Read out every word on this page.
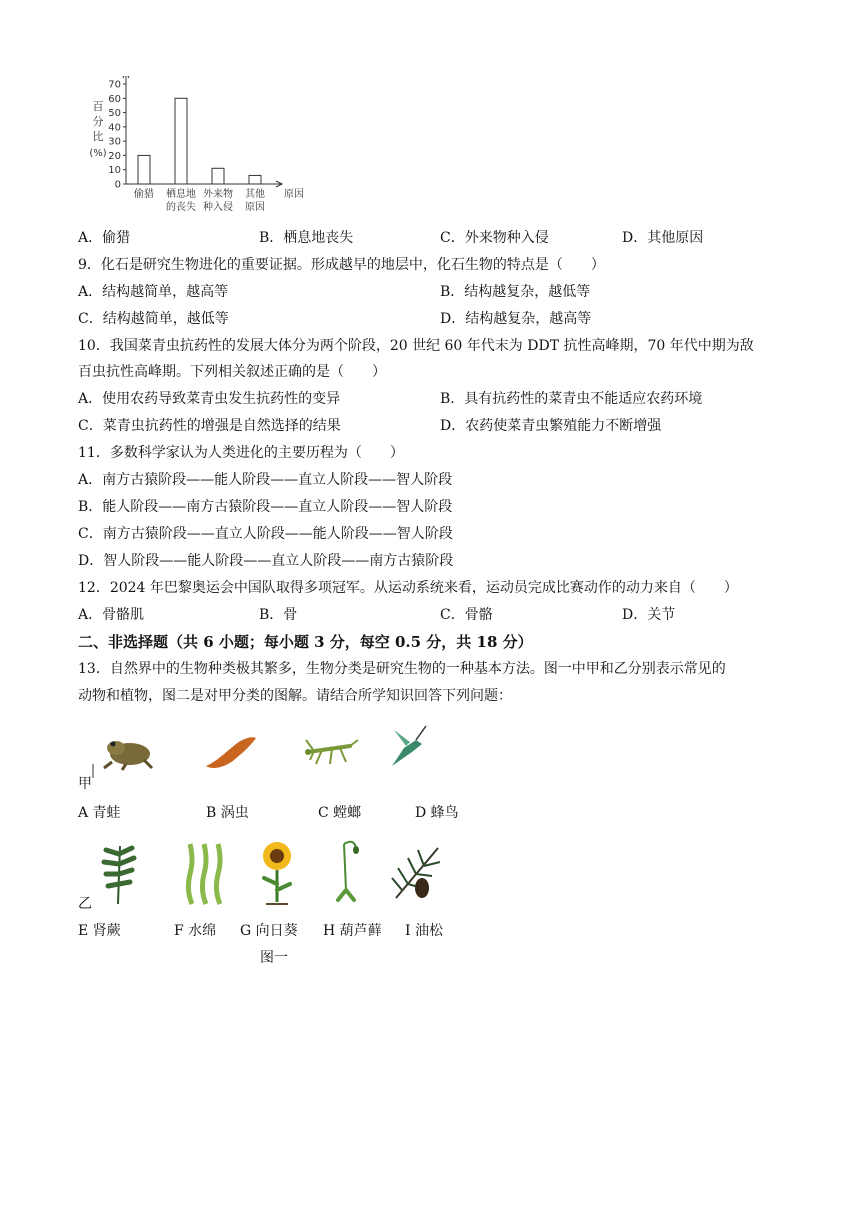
0
10
20
30
40
50
60
70
百
分
比
(%)
偷猎 栖息地
的丧失
外来物
种入侵
其他
原因
原因
A．偷猎	B．栖息地丧失	C．外来物种入侵	D．其他原因
9．化石是研究生物进化的重要证据。形成越早的地层中，化石生物的特点是（　　）
A．结构越简单，越高等	B．结构越复杂，越低等
C．结构越简单，越低等	D．结构越复杂，越高等
10．我国菜青虫抗药性的发展大体分为两个阶段，20 世纪 60 年代末为 DDT 抗性高峰期，70 年代中期为敌
百虫抗性高峰期。下列相关叙述正确的是（　　）
A．使用农药导致菜青虫发生抗药性的变异	B．具有抗药性的菜青虫不能适应农药环境
C．菜青虫抗药性的增强是自然选择的结果	D．农药使菜青虫繁殖能力不断增强
11．多数科学家认为人类进化的主要历程为（　　）
A．南方古猿阶段——能人阶段——直立人阶段——智人阶段
B．能人阶段——南方古猿阶段——直立人阶段——智人阶段
C．南方古猿阶段——直立人阶段——能人阶段——智人阶段
D．智人阶段——能人阶段——直立人阶段——南方古猿阶段
12．2024 年巴黎奥运会中国队取得多项冠军。从运动系统来看，运动员完成比赛动作的动力来自（　　）
A．骨骼肌	B．骨	C．骨骼	D．关节
二、非选择题（共 6 小题；每小题 3 分，每空 0.5 分，共 18 分）
13．自然界中的生物种类极其繁多，生物分类是研究生物的一种基本方法。图一中甲和乙分别表示常见的
动物和植物，图二是对甲分类的图解。请结合所学知识回答下列问题：
甲
A 青蛙	B 涡虫	C 螳螂	D 蜂鸟
乙
E 肾蕨	F 水绵 G 向日葵 H 葫芦藓 I 油松
图一
